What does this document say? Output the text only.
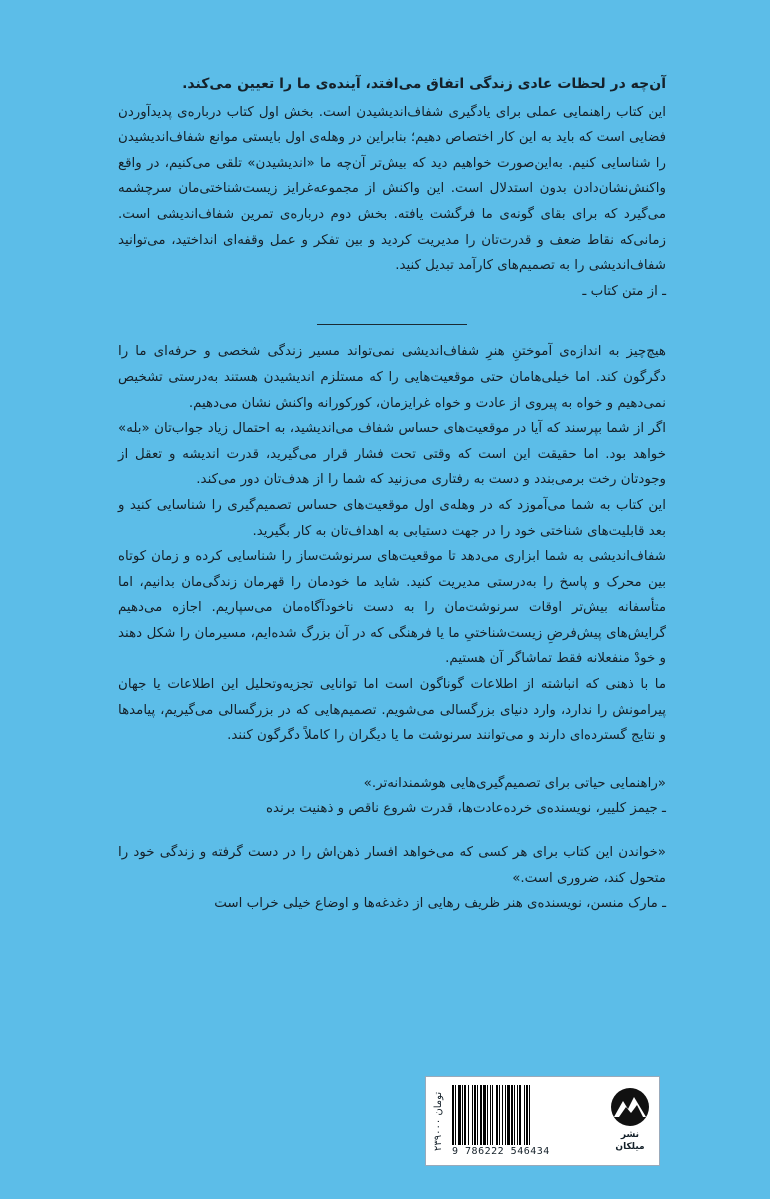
آن‌چه در لحظات عادی زندگی اتفاق می‌افتد، آینده‌ی ما را تعیین می‌کند.

این کتاب راهنمایی عملی برای یادگیری شفاف‌اندیشیدن است. بخش اول کتاب درباره‌ی پدیدآوردن فضایی است که باید به این کار اختصاص دهیم؛ بنابراین در وهله‌ی اول بایستی موانع شفاف‌اندیشیدن را شناسایی کنیم. به‌این‌صورت خواهیم دید که بیش‌تر آن‌چه ما «اندیشیدن» تلقی می‌کنیم، در واقع واکنش‌نشان‌دادن بدون استدلال است. این واکنش از مجموعه‌غرایز زیست‌شناختی‌مان سرچشمه می‌گیرد که برای بقای گونه‌ی ما فرگشت یافته. بخش دوم درباره‌ی تمرین شفاف‌اندیشی است. زمانی‌که نقاط ضعف و قدرت‌تان را مدیریت کردید و بین تفکر و عمل وقفه‌ای انداختید، می‌توانید شفاف‌اندیشی را به تصمیم‌های کارآمد تبدیل کنید.

ـ از متن کتاب ـ

هیچ‌چیز به اندازه‌ی آموختنِ هنرِ شفاف‌اندیشی نمی‌تواند مسیر زندگی شخصی و حرفه‌ای ما را دگرگون کند. اما خیلی‌هامان حتی موقعیت‌هایی را که مستلزم اندیشیدن هستند به‌درستی تشخیص نمی‌دهیم و خواه به پیروی از عادت و خواه غرایزمان، کورکورانه واکنش نشان می‌دهیم.

اگر از شما بپرسند که آیا در موقعیت‌های حساس شفاف می‌اندیشید، به احتمال زیاد جواب‌تان «بله» خواهد بود. اما حقیقت این است که وقتی تحت فشار قرار می‌گیرید، قدرت اندیشه و تعقل از وجودتان رخت برمی‌بندد و دست به رفتاری می‌زنید که شما را از هدف‌تان دور می‌کند.

این کتاب به شما می‌آموزد که در وهله‌ی اول موقعیت‌های حساس تصمیم‌گیری را شناسایی کنید و بعد قابلیت‌های شناختی خود را در جهت دستیابی به اهداف‌تان به کار بگیرید.

شفاف‌اندیشی به شما ابزاری می‌دهد تا موقعیت‌های سرنوشت‌ساز را شناسایی کرده و زمان کوتاه بین محرک و پاسخ را به‌درستی مدیریت کنید. شاید ما خودمان را قهرمان زندگی‌مان بدانیم، اما متأسفانه بیش‌تر اوقات سرنوشت‌مان را به دست ناخودآگاه‌مان می‌سپاریم. اجازه می‌دهیم گرایش‌های پیش‌فرضِ زیست‌شناختیِ ما یا فرهنگی که در آن بزرگ شده‌ایم، مسیرمان را شکل دهند و خودْ منفعلانه فقط تماشاگر آن هستیم.

ما با ذهنی که انباشته از اطلاعات گوناگون است اما توانایی تجزیه‌وتحلیل این اطلاعات یا جهان پیرامونش را ندارد، وارد دنیای بزرگسالی می‌شویم. تصمیم‌هایی که در بزرگسالی می‌گیریم، پیامدها و نتایج گسترده‌ای دارند و می‌توانند سرنوشت ما یا دیگران را کاملاً دگرگون کنند.

«راهنمایی حیاتی برای تصمیم‌گیری‌هایی هوشمندانه‌تر.»

ـ جیمز کلییر، نویسنده‌ی خرده‌عادت‌ها، قدرت شروع ناقص و ذهنیت برنده

«خواندن این کتاب برای هر کسی که می‌خواهد افسار ذهن‌اش را در دست گرفته و زندگی خود را متحول کند، ضروری است.»

ـ مارک منسن، نویسنده‌ی هنر ظریف رهایی از دغدغه‌ها و اوضاع خیلی خراب است

۲۳۹۰۰۰ تومان
9 786222 546434
نشر میلکان
